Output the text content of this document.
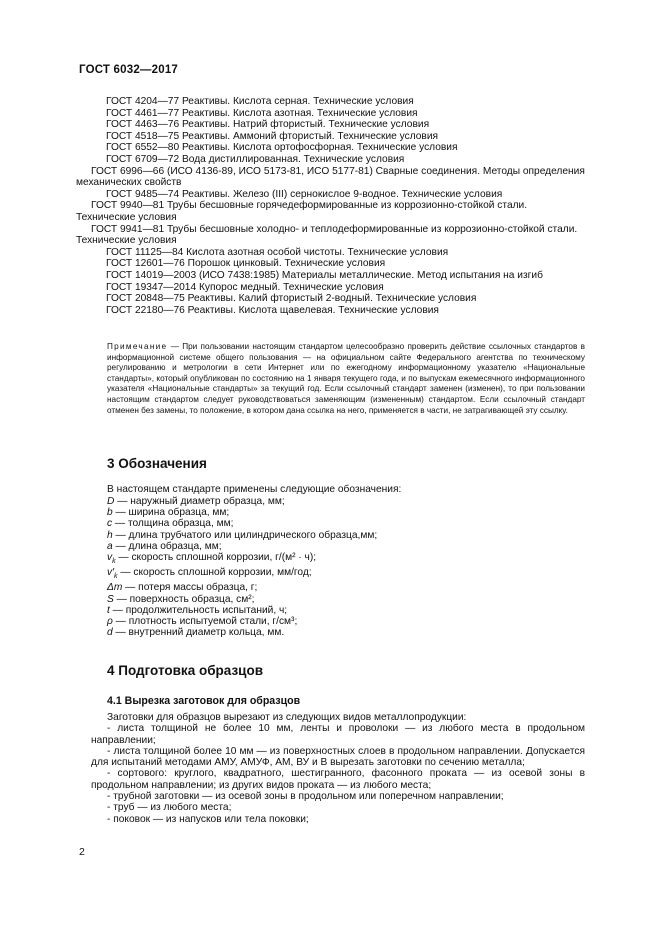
ГОСТ 6032—2017
ГОСТ 4204—77 Реактивы. Кислота серная. Технические условия
ГОСТ 4461—77 Реактивы. Кислота азотная. Технические условия
ГОСТ 4463—76 Реактивы. Натрий фтористый. Технические условия
ГОСТ 4518—75 Реактивы. Аммоний фтористый. Технические условия
ГОСТ 6552—80 Реактивы. Кислота ортофосфорная. Технические условия
ГОСТ 6709—72 Вода дистиллированная. Технические условия
ГОСТ 6996—66 (ИСО 4136-89, ИСО 5173-81, ИСО 5177-81) Сварные соединения. Методы определения механических свойств
ГОСТ 9485—74 Реактивы. Железо (III) сернокислое 9-водное. Технические условия
ГОСТ 9940—81 Трубы бесшовные горячедеформированные из коррозионно-стойкой стали. Технические условия
ГОСТ 9941—81 Трубы бесшовные холодно- и теплодеформированные из коррозионно-стойкой стали. Технические условия
ГОСТ 11125—84 Кислота азотная особой чистоты. Технические условия
ГОСТ 12601—76 Порошок цинковый. Технические условия
ГОСТ 14019—2003 (ИСО 7438:1985) Материалы металлические. Метод испытания на изгиб
ГОСТ 19347—2014 Купорос медный. Технические условия
ГОСТ 20848—75 Реактивы. Калий фтористый 2-водный. Технические условия
ГОСТ 22180—76 Реактивы. Кислота щавелевая. Технические условия
Примечание — При пользовании настоящим стандартом целесообразно проверить действие ссылочных стандартов в информационной системе общего пользования — на официальном сайте Федерального агентства по техническому регулированию и метрологии в сети Интернет или по ежегодному информационному указателю «Национальные стандарты», который опубликован по состоянию на 1 января текущего года, и по выпускам ежемесячного информационного указателя «Национальные стандарты» за текущий год. Если ссылочный стандарт заменен (изменен), то при пользовании настоящим стандартом следует руководствоваться заменяющим (измененным) стандартом. Если ссылочный стандарт отменен без замены, то положение, в котором дана ссылка на него, применяется в части, не затрагивающей эту ссылку.
3 Обозначения

В настоящем стандарте применены следующие обозначения:

D — наружный диаметр образца, мм;
b — ширина образца, мм;
c — толщина образца, мм;
h — длина трубчатого или цилиндрического образца,мм;
a — длина образца, мм;
$v_k$ — скорость сплошной коррозии, г/(м² · ч);
$v'_k$ — скорость сплошной коррозии, мм/год;
Δm — потеря массы образца, г;
S — поверхность образца, см²;
t — продолжительность испытаний, ч;
ρ — плотность испытуемой стали, г/см³;
d — внутренний диаметр кольца, мм.
4 Подготовка образцов
4.1 Вырезка заготовок для образцов

Заготовки для образцов вырезают из следующих видов металлопродукции:

- листа толщиной не более 10 мм, ленты и проволоки — из любого места в продольном направлении;

- листа толщиной более 10 мм — из поверхностных слоев в продольном направлении. Допускается для испытаний методами АМУ, АМУФ, АМ, ВУ и В вырезать заготовки по сечению металла;

- сортового: круглого, квадратного, шестигранного, фасонного проката — из осевой зоны в продольном направлении; из других видов проката — из любого места;

- трубной заготовки — из осевой зоны в продольном или поперечном направлении;

- труб — из любого места;

- поковок — из напусков или тела поковки;

2
